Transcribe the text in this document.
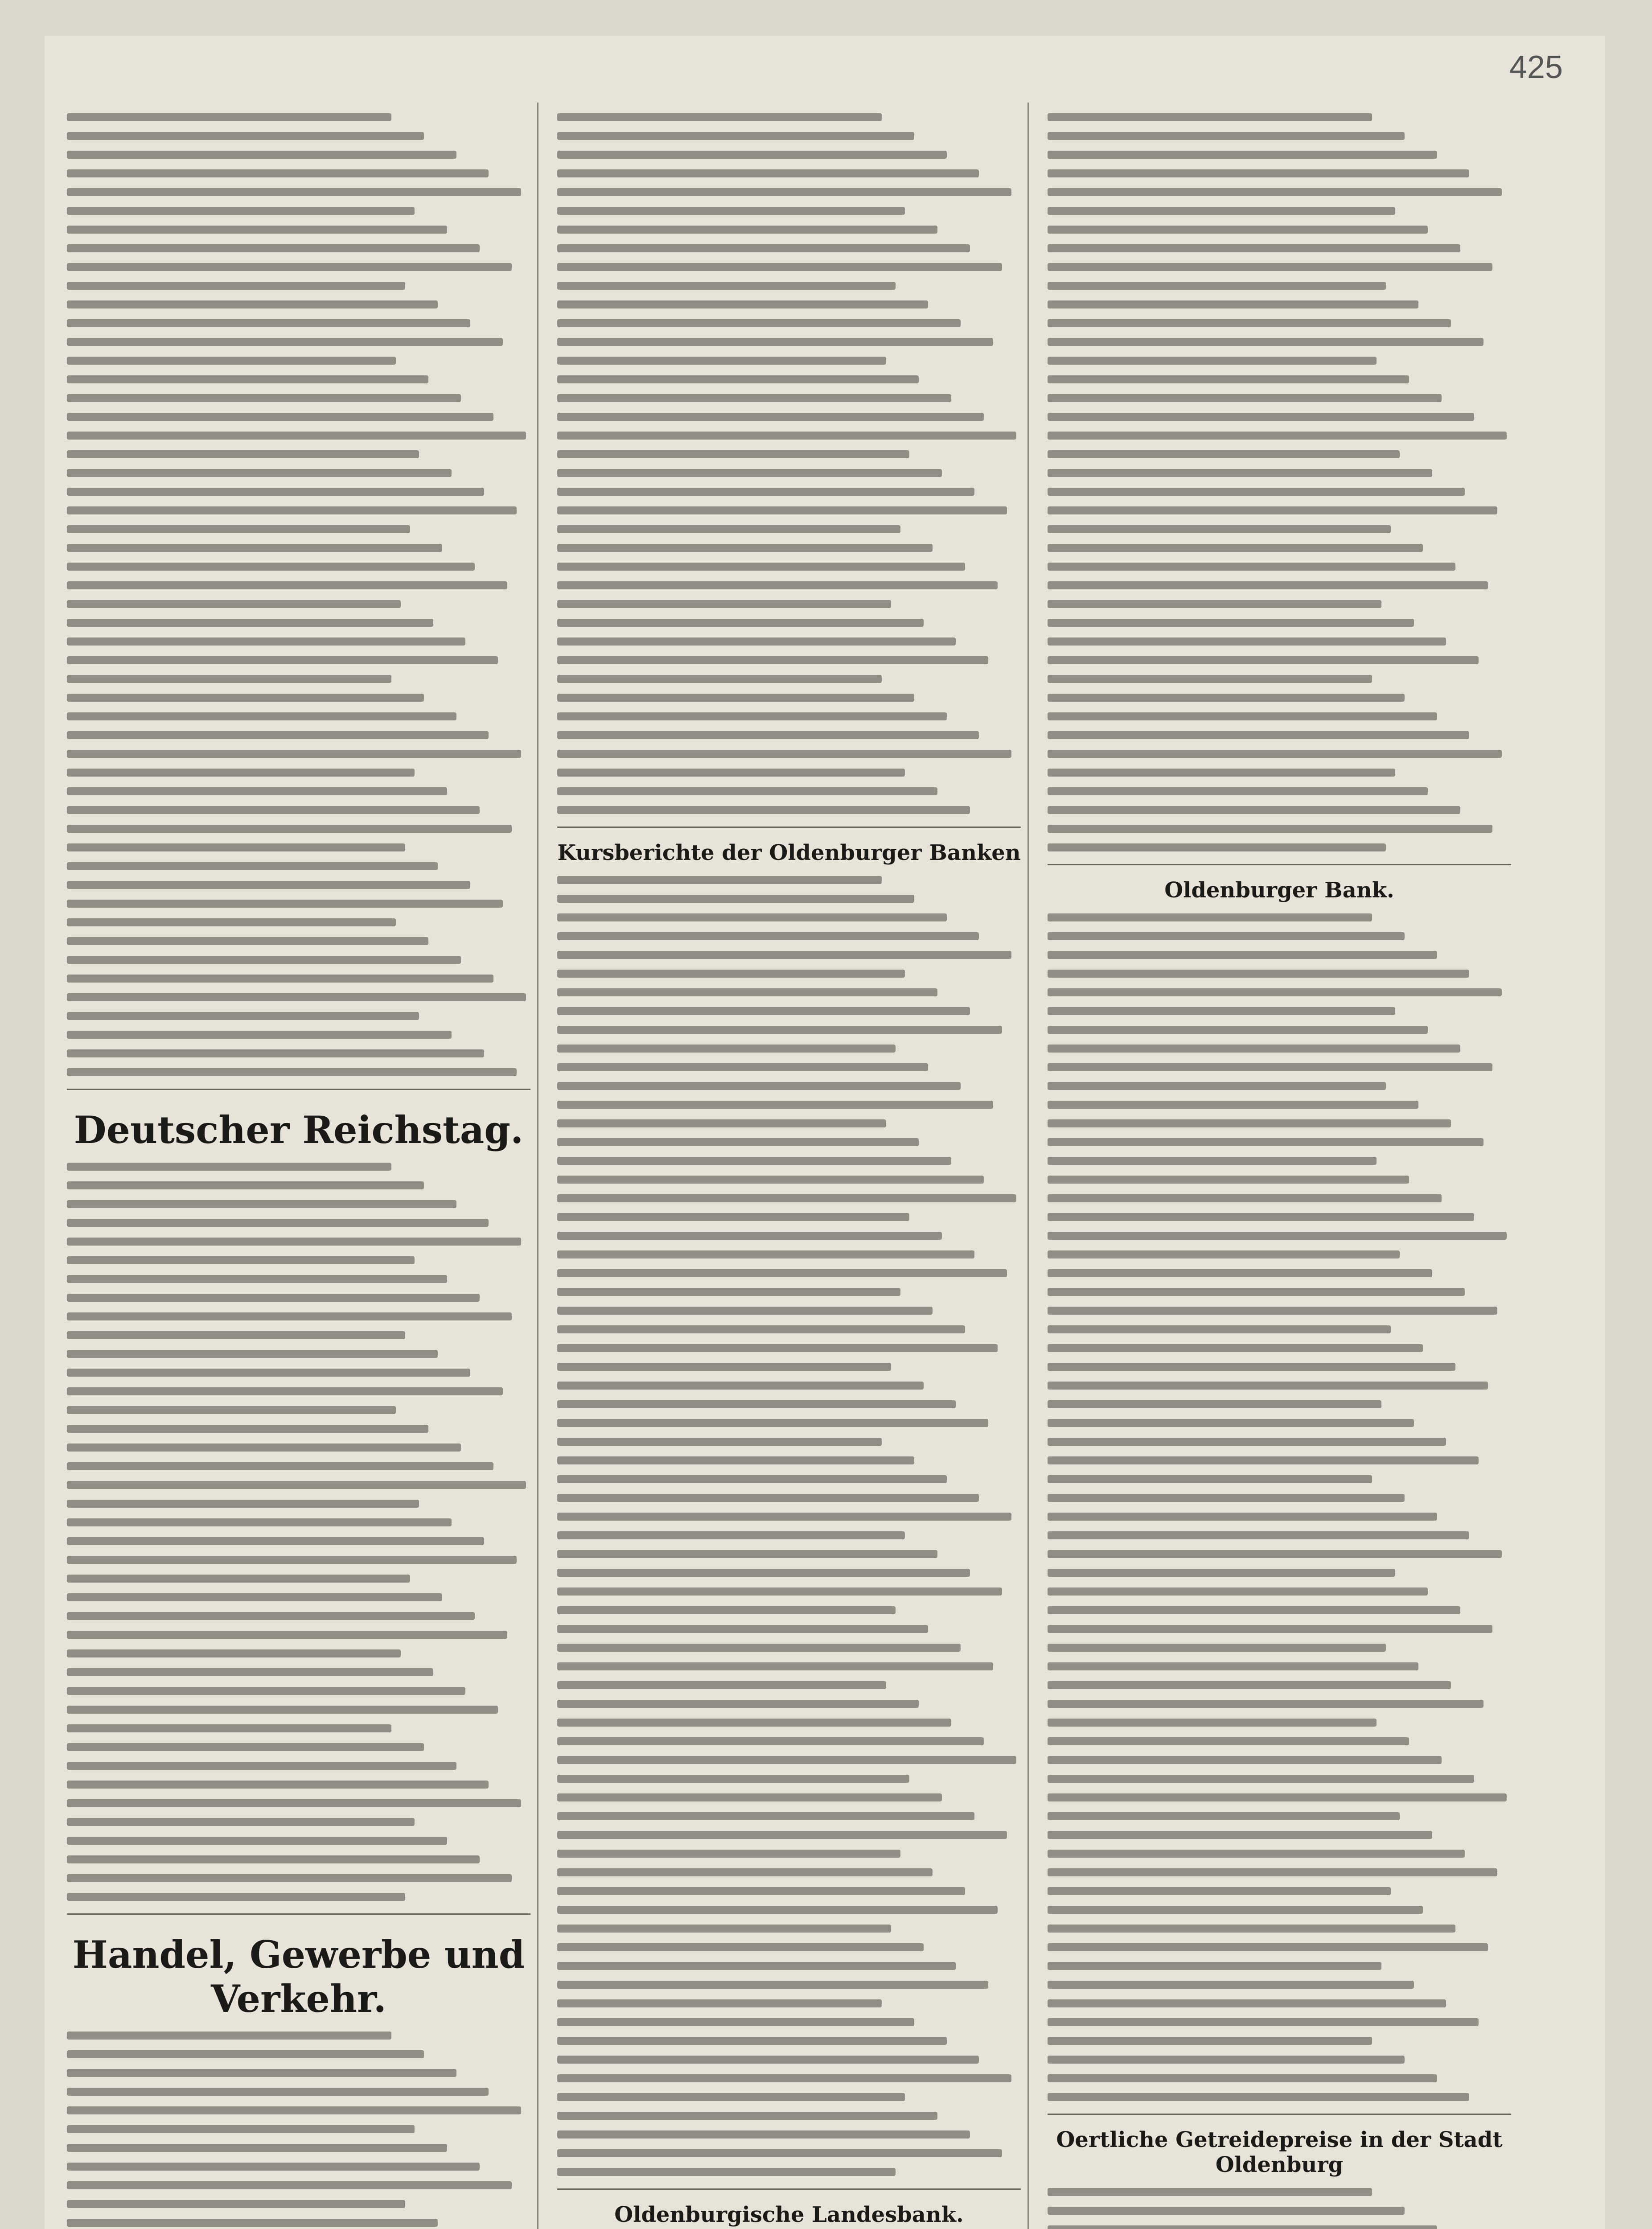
425
Deutscher Reichstag.
Handel, Gewerbe und Verkehr.
Kursberichte der Oldenburger Banken
Oldenburgische Landesbank.
Oldenburger Bank.
Oertliche Getreidepreise in der Stadt Oldenburg
